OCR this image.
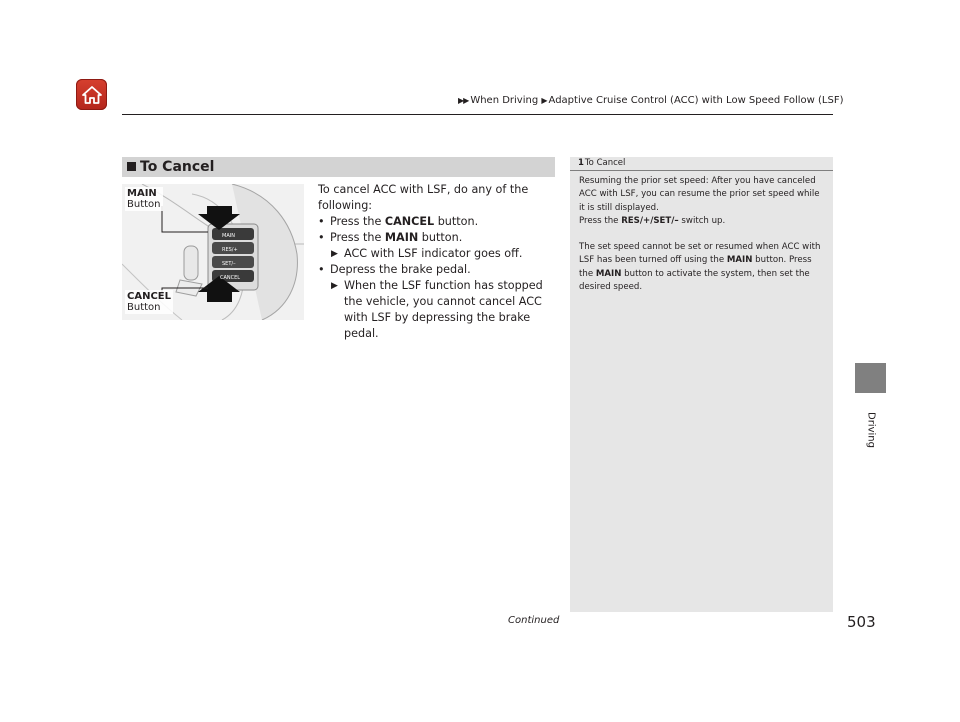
▶▶ When Driving ▶ Adaptive Cruise Control (ACC) with Low Speed Follow (LSF)
Driving
To Cancel
MAIN
RES/+
SET/–
CANCEL
MAIN
Button
CANCEL
Button

To cancel ACC with LSF, do any of the following:

• Press the CANCEL button.

• Press the MAIN button.

▶ ACC with LSF indicator goes off.

• Depress the brake pedal.

▶ When the LSF function has stopped the vehicle, you cannot cancel ACC with LSF by depressing the brake pedal.

1To Cancel

Resuming the prior set speed: After you have canceled ACC with LSF, you can resume the prior set speed while it is still displayed.
Press the RES/+/SET/– switch up.

The set speed cannot be set or resumed when ACC with LSF has been turned off using the MAIN button. Press the MAIN button to activate the system, then set the desired speed.

Continued	503
